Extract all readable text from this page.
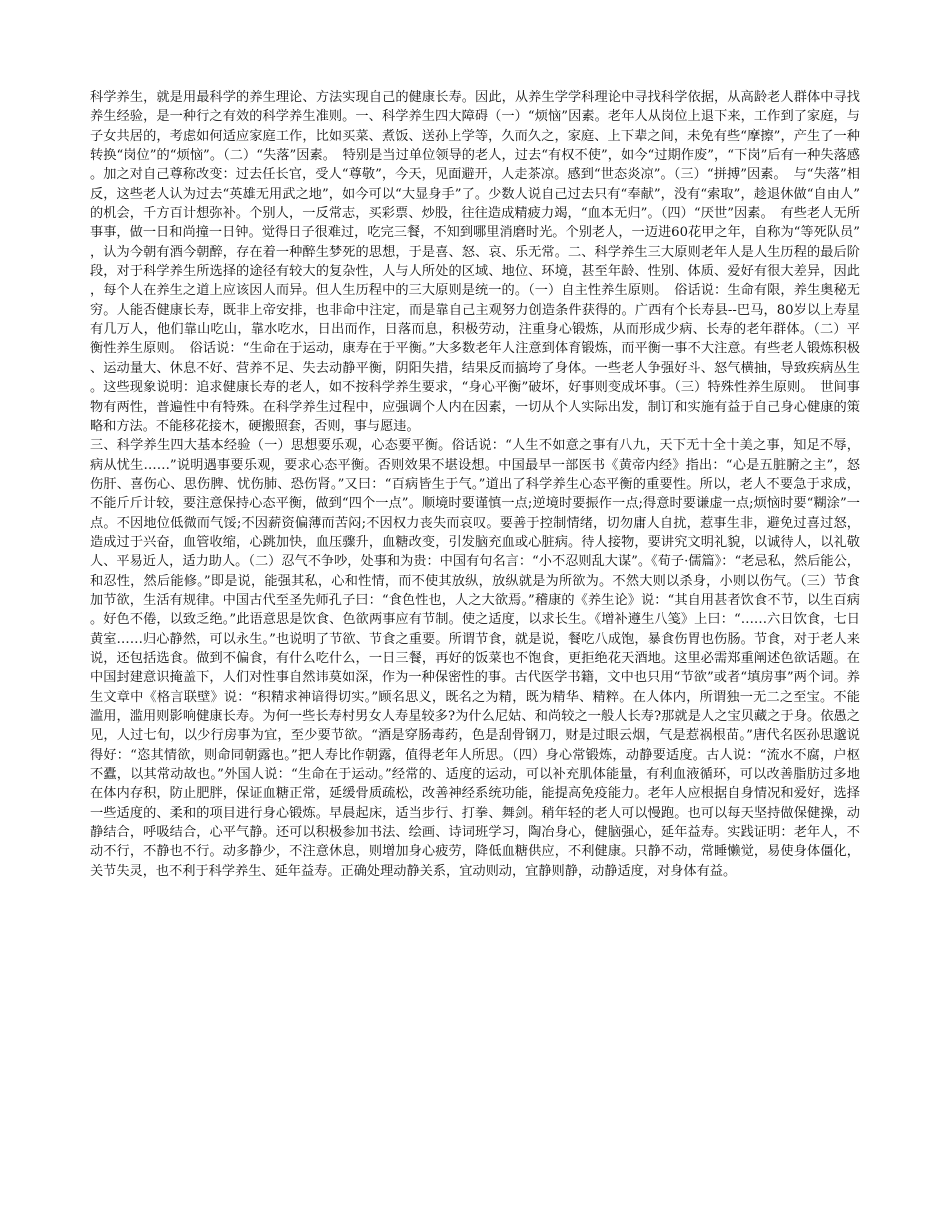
科学养生，就是用最科学的养生理论、方法实现自己的健康长寿。因此，从养生学学科理论中寻找科学依据，从高龄老人群体中寻找养生经验，是一种行之有效的科学养生准则。一、科学养生四大障碍（一）“烦恼”因素。老年人从岗位上退下来，工作到了家庭，与子女共居的，考虑如何适应家庭工作，比如买菜、煮饭、送孙上学等，久而久之，家庭、上下辈之间，未免有些“摩擦”，产生了一种转换“岗位”的“烦恼”。（二）“失落”因素。　特别是当过单位领导的老人，过去“有权不使”，如今“过期作废”，“下岗”后有一种失落感。加之对自己尊称改变：过去任长官，受人“尊敬”，今天，见面避开，人走茶凉。感到“世态炎凉”。（三）“拼搏”因素。　与“失落”相反，这些老人认为过去“英雄无用武之地”，如今可以“大显身手”了。少数人说自己过去只有“奉献”，没有“索取”，趁退休做“自由人”的机会，千方百计想弥补。个别人，一反常志，买彩票、炒股，往往造成精疲力竭，“血本无归”。（四）“厌世”因素。　有些老人无所事事，做一日和尚撞一日钟。觉得日子很难过，吃完三餐，不知到哪里消磨时光。个别老人，一迈进60花甲之年，自称为“等死队员”，认为今朝有酒今朝醉，存在着一种醉生梦死的思想，于是喜、怒、哀、乐无常。二、科学养生三大原则老年人是人生历程的最后阶段，对于科学养生所选择的途径有较大的复杂性，人与人所处的区域、地位、环境，甚至年龄、性别、体质、爱好有很大差异，因此，每个人在养生之道上应该因人而异。但人生历程中的三大原则是统一的。（一）自主性养生原则。　俗话说：生命有限，养生奥秘无穷。人能否健康长寿，既非上帝安排，也非命中注定，而是靠自己主观努力创造条件获得的。广西有个长寿县--巴马，80岁以上寿星有几万人，他们靠山吃山，靠水吃水，日出而作，日落而息，积极劳动，注重身心锻炼，从而形成少病、长寿的老年群体。（二）平衡性养生原则。　俗话说：“生命在于运动，康寿在于平衡。”大多数老年人注意到体育锻炼，而平衡一事不大注意。有些老人锻炼积极、运动量大、休息不好、营养不足、失去动静平衡，阴阳失措，结果反而搞垮了身体。一些老人争强好斗、怒气横抽，导致疾病丛生。这些现象说明：追求健康长寿的老人，如不按科学养生要求，“身心平衡”破坏，好事则变成坏事。（三）特殊性养生原则。　世间事物有两性，普遍性中有特殊。在科学养生过程中，应强调个人内在因素，一切从个人实际出发，制订和实施有益于自己身心健康的策略和方法。不能移花接木，硬搬照套，否则，事与愿违。

三、科学养生四大基本经验（一）思想要乐观，心态要平衡。俗话说：“人生不如意之事有八九，天下无十全十美之事，知足不辱，病从忧生……”说明遇事要乐观，要求心态平衡。否则效果不堪设想。中国最早一部医书《黄帝内经》指出：“心是五脏腑之主”，怒伤肝、喜伤心、思伤脾、忧伤肺、恐伤肾。”又曰：“百病皆生于气。”道出了科学养生心态平衡的重要性。所以，老人不要急于求成，不能斤斤计较，要注意保持心态平衡，做到“四个一点”。顺境时要谨慎一点;逆境时要振作一点;得意时要谦虚一点;烦恼时要“糊涂”一点。不因地位低微而气馁;不因薪资偏薄而苦闷;不因权力丧失而哀叹。要善于控制情绪，切勿庸人自扰，惹事生非，避免过喜过怒，造成过于兴奋，血管收缩，心跳加快，血压骤升，血糖改变，引发脑充血或心脏病。待人接物，要讲究文明礼貌，以诚待人，以礼敬人、平易近人，适力助人。（二）忍气不争吵，处事和为贵：中国有句名言：“小不忍则乱大谋”。《荀子·儒篇》：“老忌私，然后能公，和忍性，然后能修。”即是说，能强其私，心和性情，而不使其放纵，放纵就是为所欲为。不然大则以杀身，小则以伤气。（三）节食加节欲，生活有规律。中国古代至圣先师孔子曰：“食色性也，人之大欲焉。”稽康的《养生论》说：“其自用甚者饮食不节，以生百病。好色不倦，以致乏绝。”此语意思是饮食、色欲两事应有节制。使之适度，以求长生。《增补遵生八笺》上曰：“……六日饮食，七日黄室……归心静然，可以永生。”也说明了节欲、节食之重要。所谓节食，就是说，餐吃八成饱，暴食伤胃也伤肠。节食，对于老人来说，还包括选食。做到不偏食，有什么吃什么，一日三餐，再好的饭菜也不饱食，更拒绝花天酒地。这里必需郑重阐述色欲话题。在中国封建意识掩盖下，人们对性事自然讳莫如深，作为一种保密性的事。古代医学书籍，文中也只用“节欲”或者“填房事”两个词。养生文章中《格言联壁》说：“积精求神谙得切实。”顾名思义，既名之为精，既为精华、精粹。在人体内，所谓独一无二之至宝。不能滥用，滥用则影响健康长寿。为何一些长寿村男女人寿星较多?为什么尼姑、和尚较之一般人长寿?那就是人之宝贝藏之于身。依愚之见，人过七旬，以少行房事为宜，至少要节欲。“酒是穿肠毒药，色是刮骨钢刀，财是过眼云烟，气是惹祸根苗。”唐代名医孙思邈说得好：“恣其情欲，则命同朝露也。”把人寿比作朝露，值得老年人所思。（四）身心常锻炼，动静要适度。古人说：“流水不腐，户枢不蠹，以其常动故也。”外国人说：“生命在于运动。”经常的、适度的运动，可以补充肌体能量，有利血液循环，可以改善脂肪过多地在体内存积，防止肥胖，保证血糖正常，延缓骨质疏松，改善神经系统功能，能提高免疫能力。老年人应根据自身情况和爱好，选择一些适度的、柔和的项目进行身心锻炼。早晨起床，适当步行、打拳、舞剑。稍年轻的老人可以慢跑。也可以每天坚持做保健操，动静结合，呼吸结合，心平气静。还可以积极参加书法、绘画、诗词班学习，陶冶身心，健脑强心，延年益寿。实践证明：老年人，不动不行，不静也不行。动多静少，不注意休息，则增加身心疲劳，降低血糖供应，不利健康。只静不动，常睡懒觉，易使身体僵化，关节失灵，也不利于科学养生、延年益寿。正确处理动静关系，宜动则动，宜静则静，动静适度，对身体有益。
